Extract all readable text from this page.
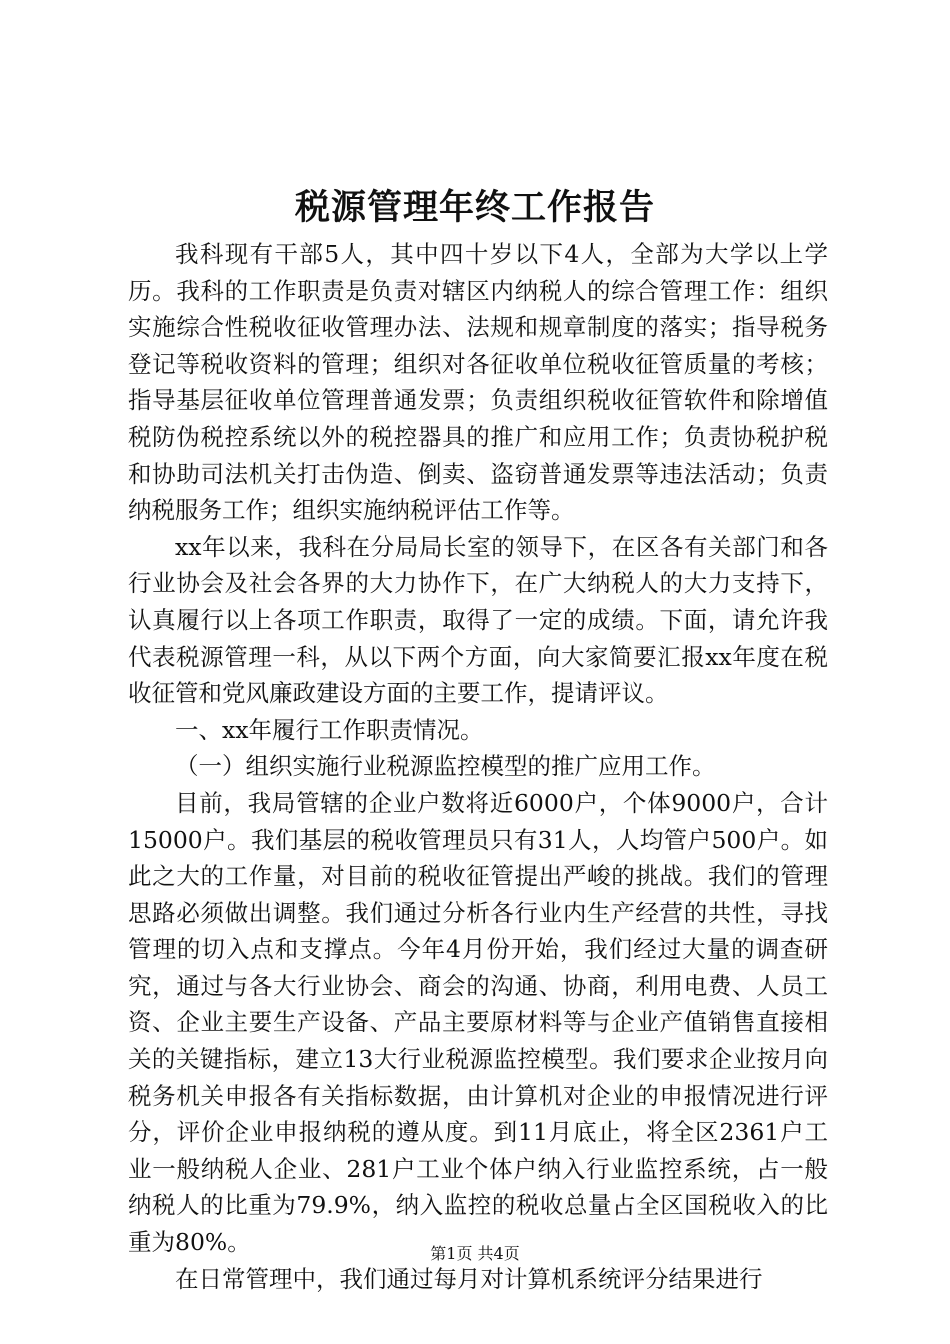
税源管理年终工作报告

我科现有干部5人，其中四十岁以下4人，全部为大学以上学历。我科的工作职责是负责对辖区内纳税人的综合管理工作：组织实施综合性税收征收管理办法、法规和规章制度的落实；指导税务登记等税收资料的管理；组织对各征收单位税收征管质量的考核；指导基层征收单位管理普通发票；负责组织税收征管软件和除增值税防伪税控系统以外的税控器具的推广和应用工作；负责协税护税和协助司法机关打击伪造、倒卖、盗窃普通发票等违法活动；负责纳税服务工作；组织实施纳税评估工作等。

xx年以来，我科在分局局长室的领导下，在区各有关部门和各行业协会及社会各界的大力协作下，在广大纳税人的大力支持下，认真履行以上各项工作职责，取得了一定的成绩。下面，请允许我代表税源管理一科，从以下两个方面，向大家简要汇报xx年度在税收征管和党风廉政建设方面的主要工作，提请评议。

一、xx年履行工作职责情况。

（一）组织实施行业税源监控模型的推广应用工作。

目前，我局管辖的企业户数将近6000户，个体9000户，合计15000户。我们基层的税收管理员只有31人，人均管户500户。如此之大的工作量，对目前的税收征管提出严峻的挑战。我们的管理思路必须做出调整。我们通过分析各行业内生产经营的共性，寻找管理的切入点和支撑点。今年4月份开始，我们经过大量的调查研究，通过与各大行业协会、商会的沟通、协商，利用电费、人员工资、企业主要生产设备、产品主要原材料等与企业产值销售直接相关的关键指标，建立13大行业税源监控模型。我们要求企业按月向税务机关申报各有关指标数据，由计算机对企业的申报情况进行评分，评价企业申报纳税的遵从度。到11月底止，将全区2361户工业一般纳税人企业、281户工业个体户纳入行业监控系统，占一般纳税人的比重为79.9%，纳入监控的税收总量占全区国税收入的比重为80%。

在日常管理中，我们通过每月对计算机系统评分结果进行

第1页 共4页
